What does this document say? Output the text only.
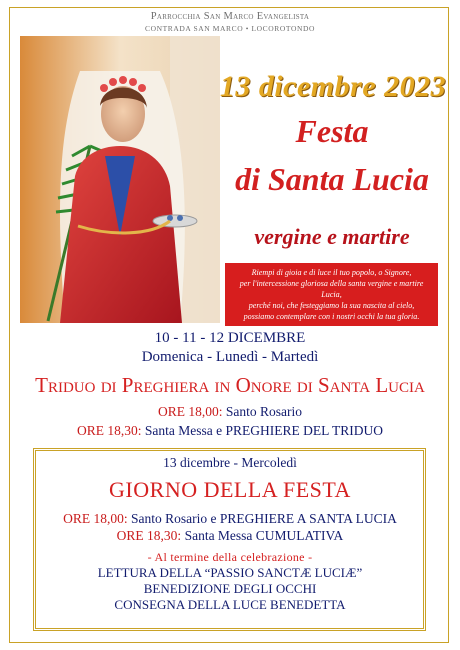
Parrocchia San Marco Evangelista
CONTRADA SAN MARCO • LOCOROTONDO
13 dicembre 2023
Festa
di Santa Lucia
vergine e martire
Riempi di gioia e di luce il tuo popolo, o Signore,
per l'intercessione gloriosa della santa vergine e martire Lucia,
perché noi, che festeggiamo la sua nascita al cielo,
possiamo contemplare con i nostri occhi la tua gloria.
10 - 11 - 12 DICEMBRE
Domenica - Lunedì - Martedì
Triduo di Preghiera in Onore di Santa Lucia
ORE 18,00: Santo Rosario
ORE 18,30: Santa Messa e PREGHIERE DEL TRIDUO
13 dicembre - Mercoledì
GIORNO DELLA FESTA
ORE 18,00: Santo Rosario e PREGHIERE A SANTA LUCIA
ORE 18,30: Santa Messa CUMULATIVA
- Al termine della celebrazione -
LETTURA DELLA “PASSIO SANCTÆ LUCIÆ”
BENEDIZIONE DEGLI OCCHI
CONSEGNA DELLA LUCE BENEDETTA
